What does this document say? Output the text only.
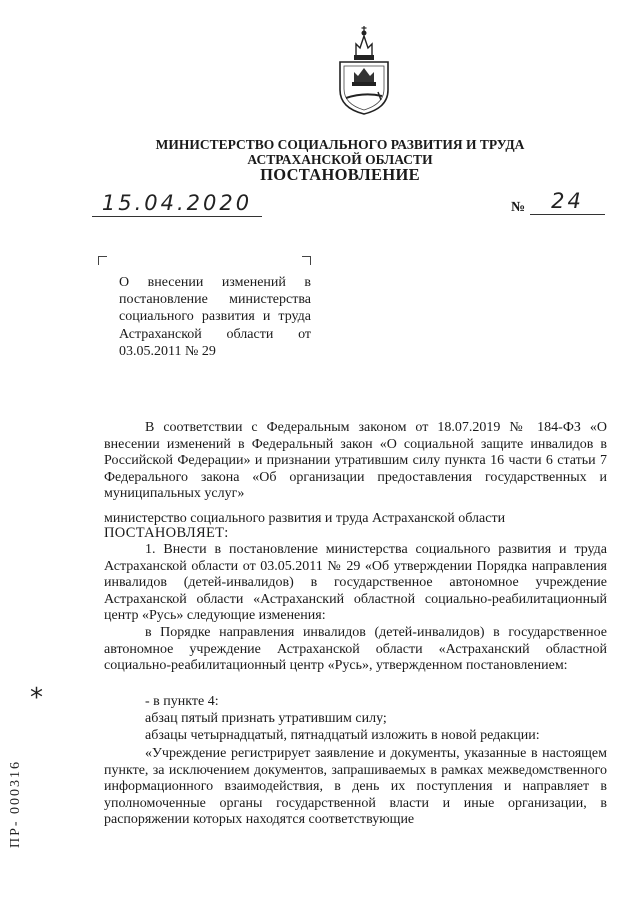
МИНИСТЕРСТВО СОЦИАЛЬНОГО РАЗВИТИЯ И ТРУДА
АСТРАХАНСКОЙ ОБЛАСТИ
ПОСТАНОВЛЕНИЕ
15.04.2020	№	24
О внесении изменений в постановление министерства социального развития и труда Астраханской области от 03.05.2011 № 29
В соответствии с Федеральным законом от 18.07.2019 № 184-ФЗ «О внесении изменений в Федеральный закон «О социальной защите инвалидов в Российской Федерации» и признании утратившим силу пункта 16 части 6 статьи 7 Федерального закона «Об организации предоставления государственных и муниципальных услуг»
министерство социального развития и труда Астраханской области
ПОСТАНОВЛЯЕТ:
1. Внести в постановление министерства социального развития и труда Астраханской области от 03.05.2011 № 29 «Об утверждении Порядка направления инвалидов (детей-инвалидов) в государственное автономное учреждение Астраханской области «Астраханский областной социально-реабилитационный центр «Русь» следующие изменения:
в Порядке направления инвалидов (детей-инвалидов) в государственное автономное учреждение Астраханской области «Астраханский областной социально-реабилитационный центр «Русь», утвержденном постановлением:
- в пункте 4:
абзац пятый признать утратившим силу;
абзацы четырнадцатый, пятнадцатый изложить в новой редакции:
«Учреждение регистрирует заявление и документы, указанные в настоящем пункте, за исключением документов, запрашиваемых в рамках межведомственного информационного взаимодействия, в день их поступления и направляет в уполномоченные органы государственной власти и иные организации, в распоряжении которых находятся соответствующие
*
ПР- 000316
